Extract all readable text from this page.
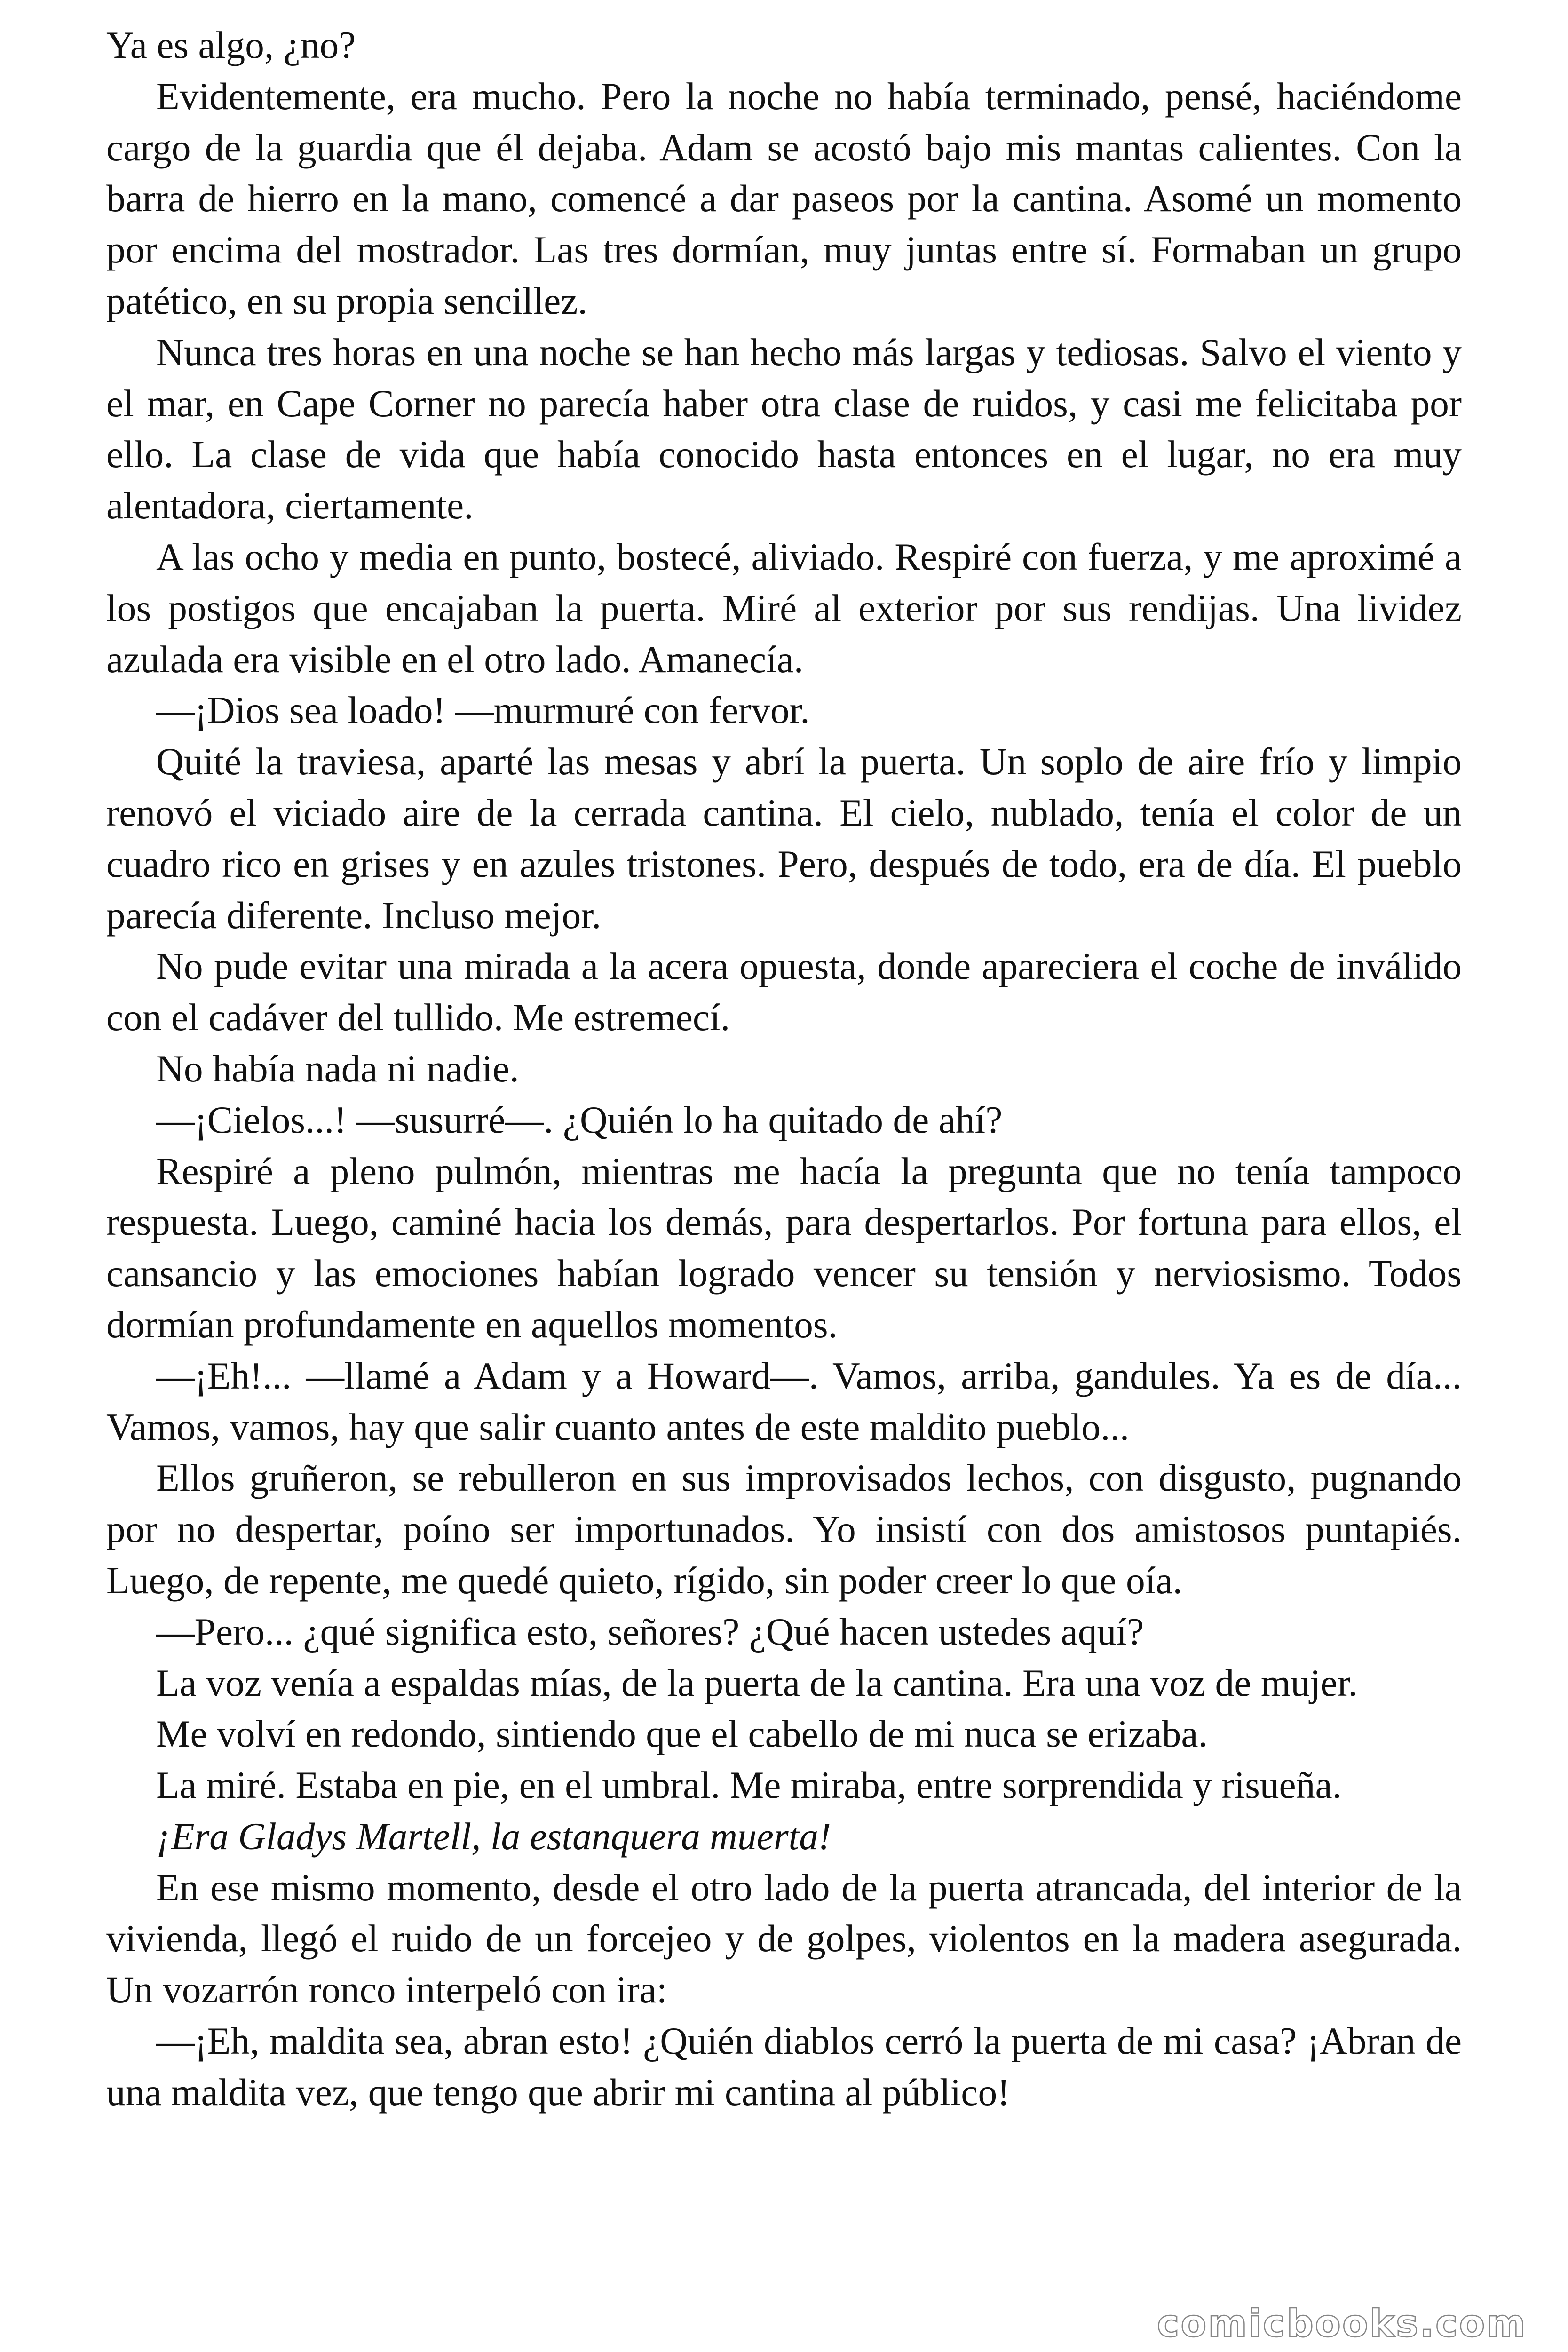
Ya es algo, ¿no?

Evidentemente, era mucho. Pero la noche no había terminado, pensé, haciéndome cargo de la guardia que él dejaba. Adam se acostó bajo mis mantas calientes. Con la barra de hierro en la mano, comencé a dar paseos por la cantina. Asomé un momento por encima del mostrador. Las tres dormían, muy juntas entre sí. Formaban un grupo patético, en su propia sencillez.

Nunca tres horas en una noche se han hecho más largas y tediosas. Salvo el viento y el mar, en Cape Corner no parecía haber otra clase de ruidos, y casi me felicitaba por ello. La clase de vida que había conocido hasta entonces en el lugar, no era muy alentadora, ciertamente.

A las ocho y media en punto, bostecé, aliviado. Respiré con fuerza, y me aproximé a los postigos que encajaban la puerta. Miré al exterior por sus rendijas. Una lividez azulada era visible en el otro lado. Amanecía.

—¡Dios sea loado! —murmuré con fervor.

Quité la traviesa, aparté las mesas y abrí la puerta. Un soplo de aire frío y limpio renovó el viciado aire de la cerrada cantina. El cielo, nublado, tenía el color de un cuadro rico en grises y en azules tristones. Pero, después de todo, era de día. El pueblo parecía diferente. Incluso mejor.

No pude evitar una mirada a la acera opuesta, donde apareciera el coche de inválido con el cadáver del tullido. Me estremecí.

No había nada ni nadie.

—¡Cielos...! —susurré—. ¿Quién lo ha quitado de ahí?

Respiré a pleno pulmón, mientras me hacía la pregunta que no tenía tampoco respuesta. Luego, caminé hacia los demás, para despertarlos. Por fortuna para ellos, el cansancio y las emociones habían logrado vencer su tensión y nerviosismo. Todos dormían profundamente en aquellos momentos.

—¡Eh!... —llamé a Adam y a Howard—. Vamos, arriba, gandules. Ya es de día... Vamos, vamos, hay que salir cuanto antes de este maldito pueblo...

Ellos gruñeron, se rebulleron en sus improvisados lechos, con disgusto, pugnando por no despertar, poíno ser importunados. Yo insistí con dos amistosos puntapiés. Luego, de repente, me quedé quieto, rígido, sin poder creer lo que oía.

—Pero... ¿qué significa esto, señores? ¿Qué hacen ustedes aquí?

La voz venía a espaldas mías, de la puerta de la cantina. Era una voz de mujer.

Me volví en redondo, sintiendo que el cabello de mi nuca se erizaba.

La miré. Estaba en pie, en el umbral. Me miraba, entre sorprendida y risueña.

¡Era Gladys Martell, la estanquera muerta!

En ese mismo momento, desde el otro lado de la puerta atrancada, del interior de la vivienda, llegó el ruido de un forcejeo y de golpes, violentos en la madera asegurada. Un vozarrón ronco interpeló con ira:

—¡Eh, maldita sea, abran esto! ¿Quién diablos cerró la puerta de mi casa? ¡Abran de una maldita vez, que tengo que abrir mi cantina al público!

comicbooks.com
